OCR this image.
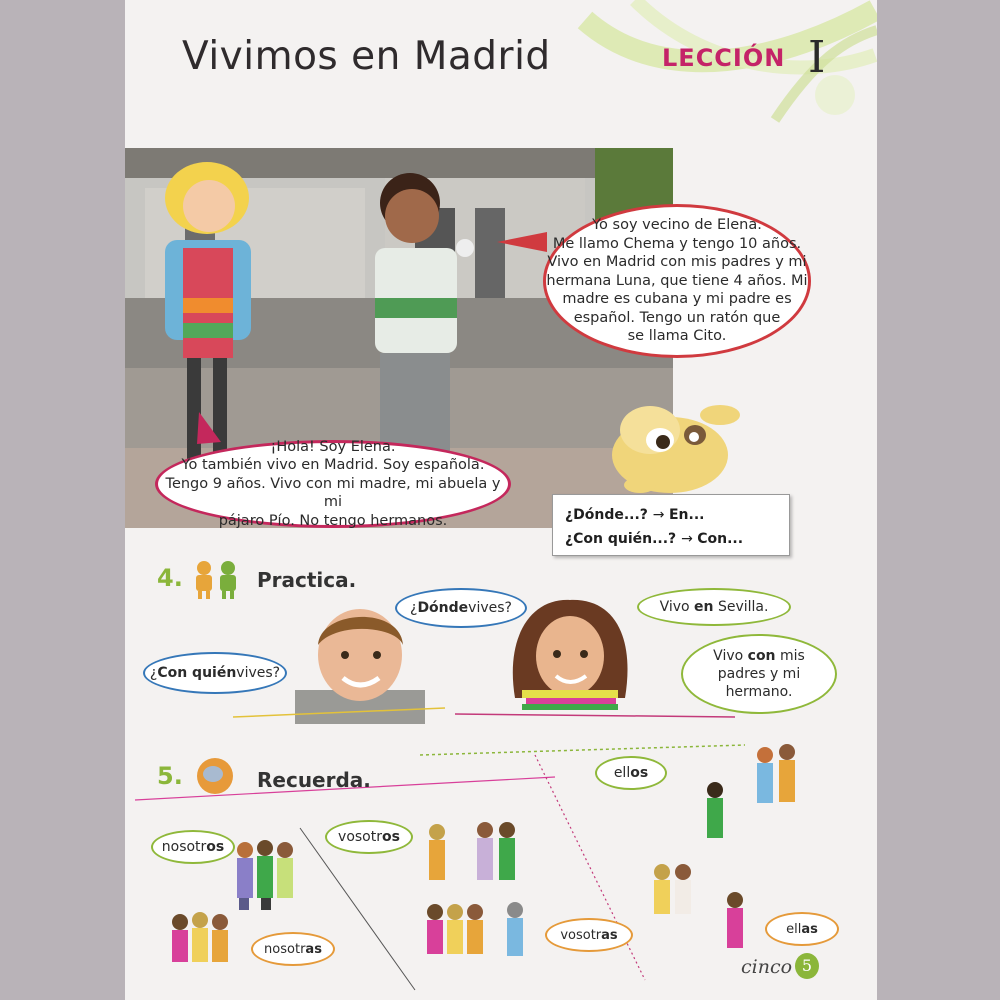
Vivimos en Madrid	LECCIÓN I
Yo soy vecino de Elena.
Me llamo Chema y tengo 10 años.
Vivo en Madrid con mis padres y mi
hermana Luna, que tiene 4 años. Mi
madre es cubana y mi padre es
español. Tengo un ratón que
se llama Cito.
¡Hola! Soy Elena.
Yo también vivo en Madrid. Soy española.
Tengo 9 años. Vivo con mi madre, mi abuela y mi
pájaro Pío. No tengo hermanos.	¿Dónde...? → En...
¿Con quién...? → Con...
4.	Practica.
¿ Dónde vives?
¿ Con quién vives?
Vivo en Sevilla.
Vivo con mis
padres y mi
hermano.
5.	Recuerda.
nosotros
nosotras
vosotros
vosotras
ellos
ellas
cinco 5
